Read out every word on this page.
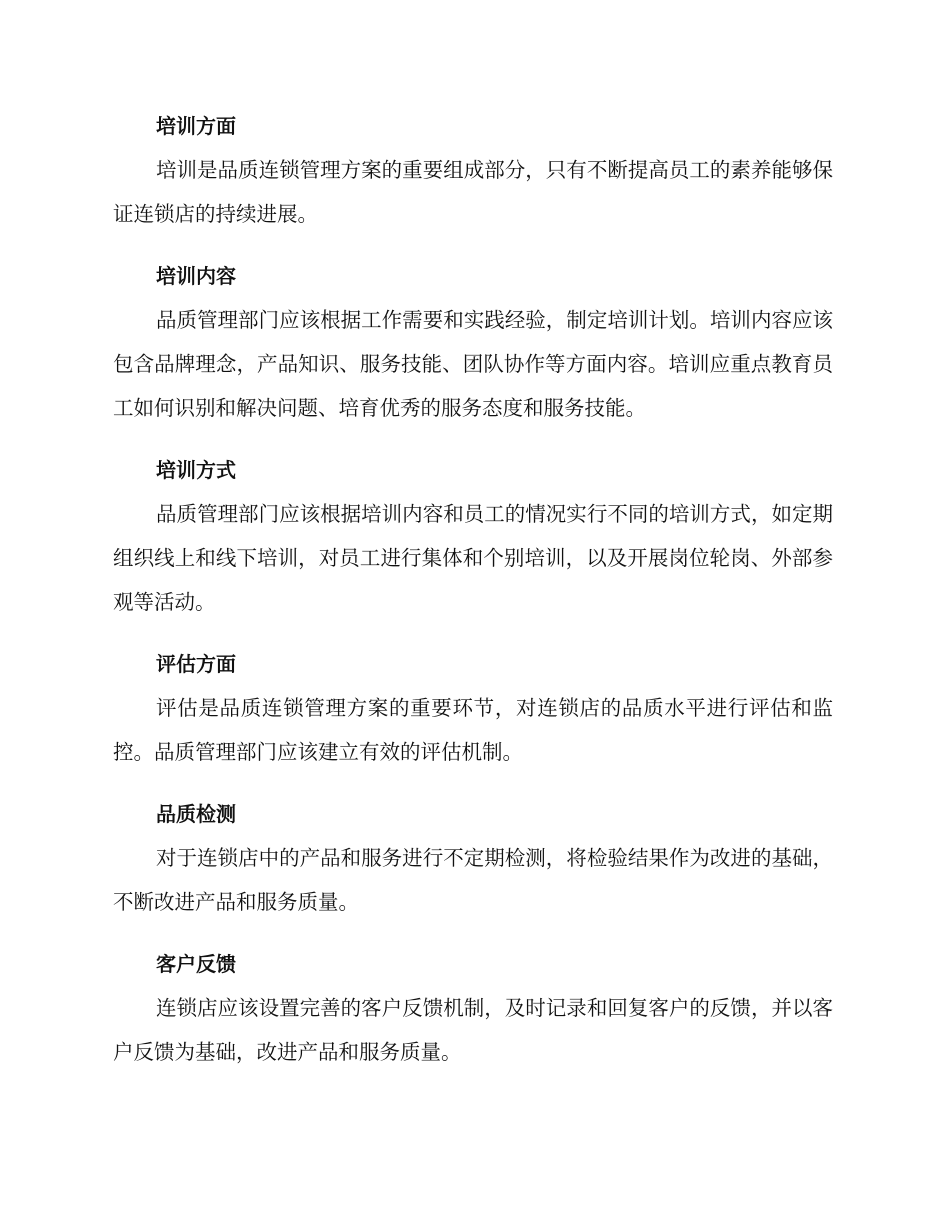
培训方面

培训是品质连锁管理方案的重要组成部分，只有不断提高员工的素养能够保证连锁店的持续进展。

培训内容

品质管理部门应该根据工作需要和实践经验，制定培训计划。培训内容应该包含品牌理念，产品知识、服务技能、团队协作等方面内容。培训应重点教育员工如何识别和解决问题、培育优秀的服务态度和服务技能。

培训方式

品质管理部门应该根据培训内容和员工的情况实行不同的培训方式，如定期组织线上和线下培训，对员工进行集体和个别培训，以及开展岗位轮岗、外部参观等活动。

评估方面

评估是品质连锁管理方案的重要环节，对连锁店的品质水平进行评估和监控。品质管理部门应该建立有效的评估机制。

品质检测

对于连锁店中的产品和服务进行不定期检测，将检验结果作为改进的基础，不断改进产品和服务质量。

客户反馈

连锁店应该设置完善的客户反馈机制，及时记录和回复客户的反馈，并以客户反馈为基础，改进产品和服务质量。
